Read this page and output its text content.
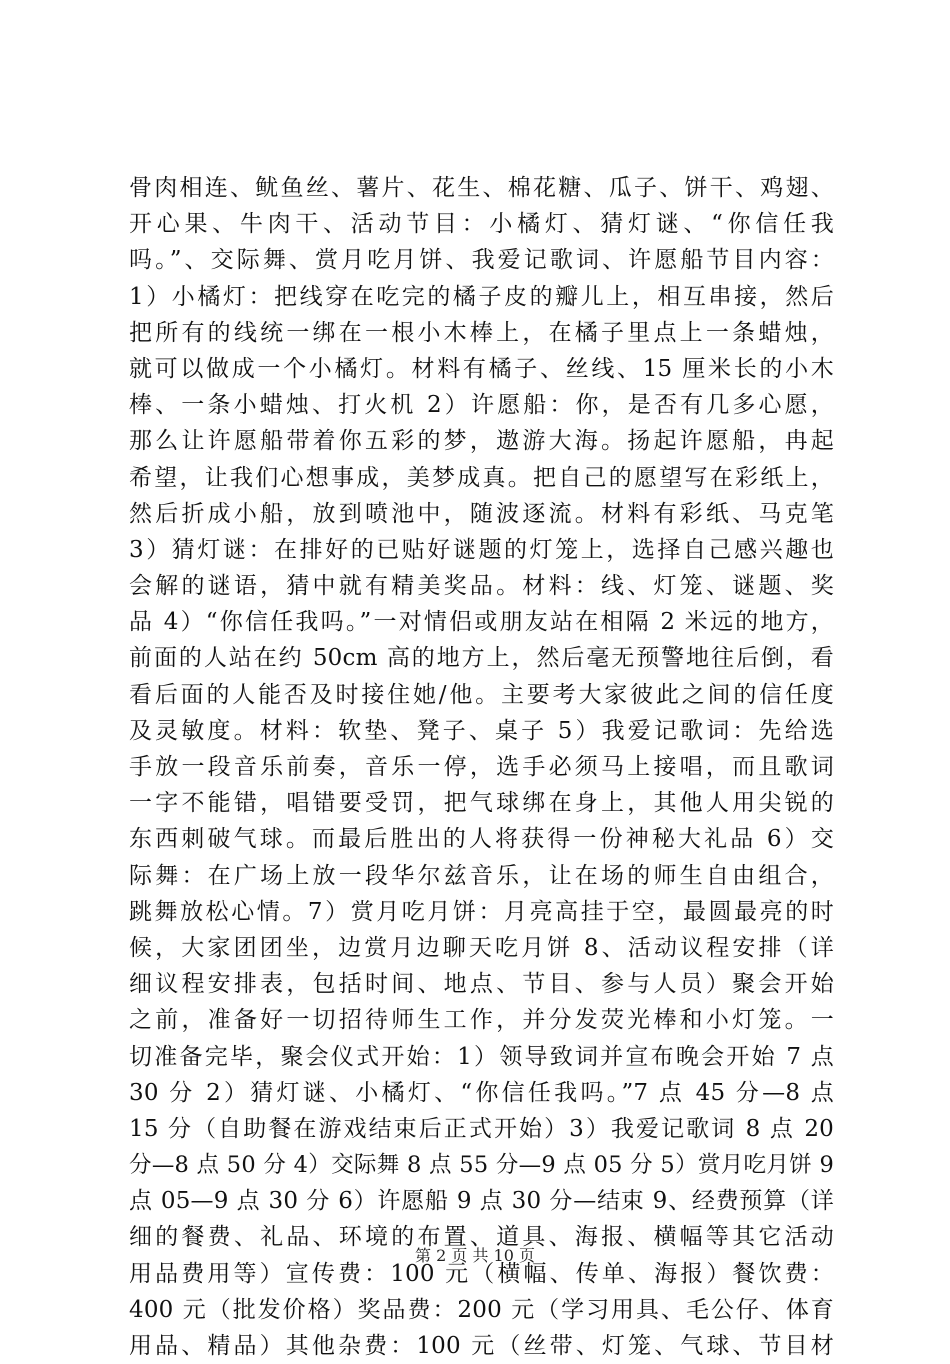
骨肉相连、鱿鱼丝、薯片、花生、棉花糖、瓜子、饼干、鸡翅、
开心果、牛肉干、活动节目：小橘灯、猜灯谜、“你信任我
吗。”、交际舞、赏月吃月饼、我爱记歌词、许愿船节目内容：
1）小橘灯：把线穿在吃完的橘子皮的瓣儿上，相互串接，然后
把所有的线统一绑在一根小木棒上，在橘子里点上一条蜡烛，
就可以做成一个小橘灯。材料有橘子、丝线、15 厘米长的小木
棒、一条小蜡烛、打火机 2）许愿船：你，是否有几多心愿，
那么让许愿船带着你五彩的梦，遨游大海。扬起许愿船，冉起
希望，让我们心想事成，美梦成真。把自己的愿望写在彩纸上，
然后折成小船，放到喷池中，随波逐流。材料有彩纸、马克笔
3）猜灯谜：在排好的已贴好谜题的灯笼上，选择自己感兴趣也
会解的谜语，猜中就有精美奖品。材料：线、灯笼、谜题、奖
品 4）“你信任我吗。”一对情侣或朋友站在相隔 2 米远的地方，
前面的人站在约 50cm 高的地方上，然后毫无预警地往后倒，看
看后面的人能否及时接住她/他。主要考大家彼此之间的信任度
及灵敏度。材料：软垫、凳子、桌子 5）我爱记歌词：先给选
手放一段音乐前奏，音乐一停，选手必须马上接唱，而且歌词
一字不能错，唱错要受罚，把气球绑在身上，其他人用尖锐的
东西刺破气球。而最后胜出的人将获得一份神秘大礼品 6）交
际舞：在广场上放一段华尔兹音乐，让在场的师生自由组合，
跳舞放松心情。7）赏月吃月饼：月亮高挂于空，最圆最亮的时
候，大家团团坐，边赏月边聊天吃月饼 8、活动议程安排（详
细议程安排表，包括时间、地点、节目、参与人员）聚会开始
之前，准备好一切招待师生工作，并分发荧光棒和小灯笼。一
切准备完毕，聚会仪式开始：1）领导致词并宣布晚会开始 7 点
30 分 2）猜灯谜、小橘灯、“你信任我吗。”7 点 45 分—8 点
15 分（自助餐在游戏结束后正式开始）3）我爱记歌词 8 点 20
分—8 点 50 分 4）交际舞 8 点 55 分—9 点 05 分 5）赏月吃月饼 9
点 05—9 点 30 分 6）许愿船 9 点 30 分—结束 9、经费预算（详
细的餐费、礼品、环境的布置、道具、海报、横幅等其它活动
用品费用等）宣传费：100 元（横幅、传单、海报）餐饮费：
400 元（批发价格）奖品费：200 元（学习用具、毛公仔、体育
用品、精品）其他杂费：100 元（丝带、灯笼、气球、节目材
第 2 页 共 10 页
